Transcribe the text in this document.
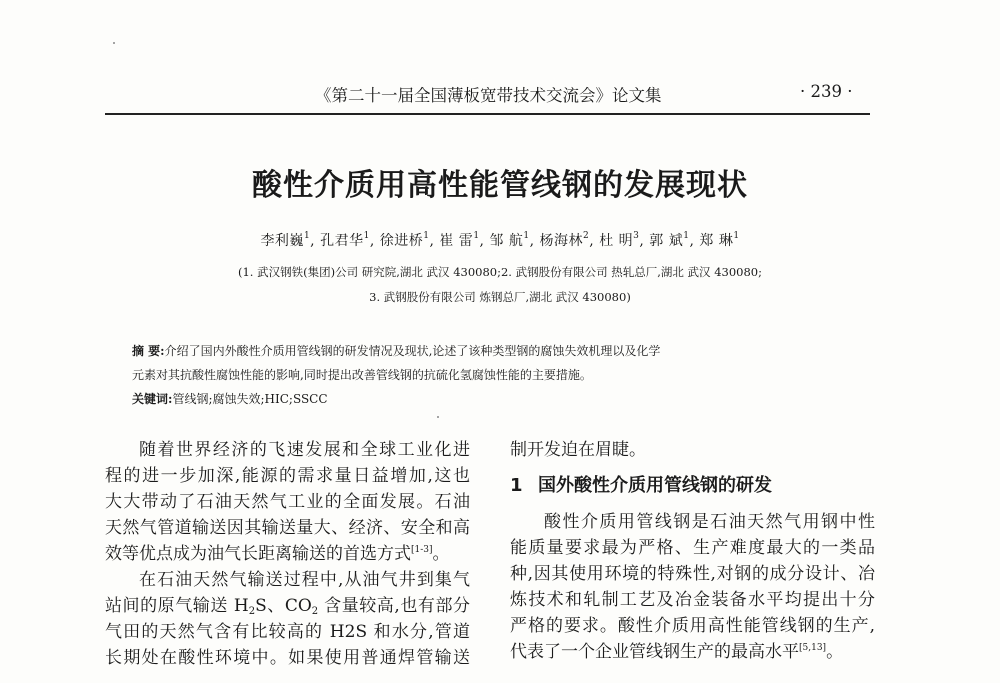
《第二十一届全国薄板宽带技术交流会》论文集	· 239 ·
酸性介质用高性能管线钢的发展现状
李利巍$^1$, 孔君华$^1$, 徐进桥$^1$, 崔 雷$^1$, 邹 航$^1$, 杨海林$^2$, 杜 明$^3$, 郭 斌$^1$, 郑 琳$^1$
(1. 武汉钢铁(集团)公司 研究院,湖北 武汉 430080;2. 武钢股份有限公司 热轧总厂,湖北 武汉 430080;
3. 武钢股份有限公司 炼钢总厂,湖北 武汉 430080)
摘 要:介绍了国内外酸性介质用管线钢的研发情况及现状,论述了该种类型钢的腐蚀失效机理以及化学
元素对其抗酸性腐蚀性能的影响,同时提出改善管线钢的抗硫化氢腐蚀性能的主要措施。
关键词:管线钢;腐蚀失效;HIC;SSCC
随着世界经济的飞速发展和全球工业化进
程的进一步加深,能源的需求量日益增加,这也
大大带动了石油天然气工业的全面发展。石油
天然气管道输送因其输送量大、经济、安全和高
效等优点成为油气长距离输送的首选方式[1-3]。
在石油天然气输送过程中,从油气井到集气
站间的原气输送 $H_2S$、$CO_2$ 含量较高,也有部分
气田的天然气含有比较高的 H2S 和水分,管道
长期处在酸性环境中。如果使用普通焊管输送
制开发迫在眉睫。
1 国外酸性介质用管线钢的研发
酸性介质用管线钢是石油天然气用钢中性
能质量要求最为严格、生产难度最大的一类品
种,因其使用环境的特殊性,对钢的成分设计、冶
炼技术和轧制工艺及冶金装备水平均提出十分
严格的要求。酸性介质用高性能管线钢的生产,
代表了一个企业管线钢生产的最高水平[5,13]。
